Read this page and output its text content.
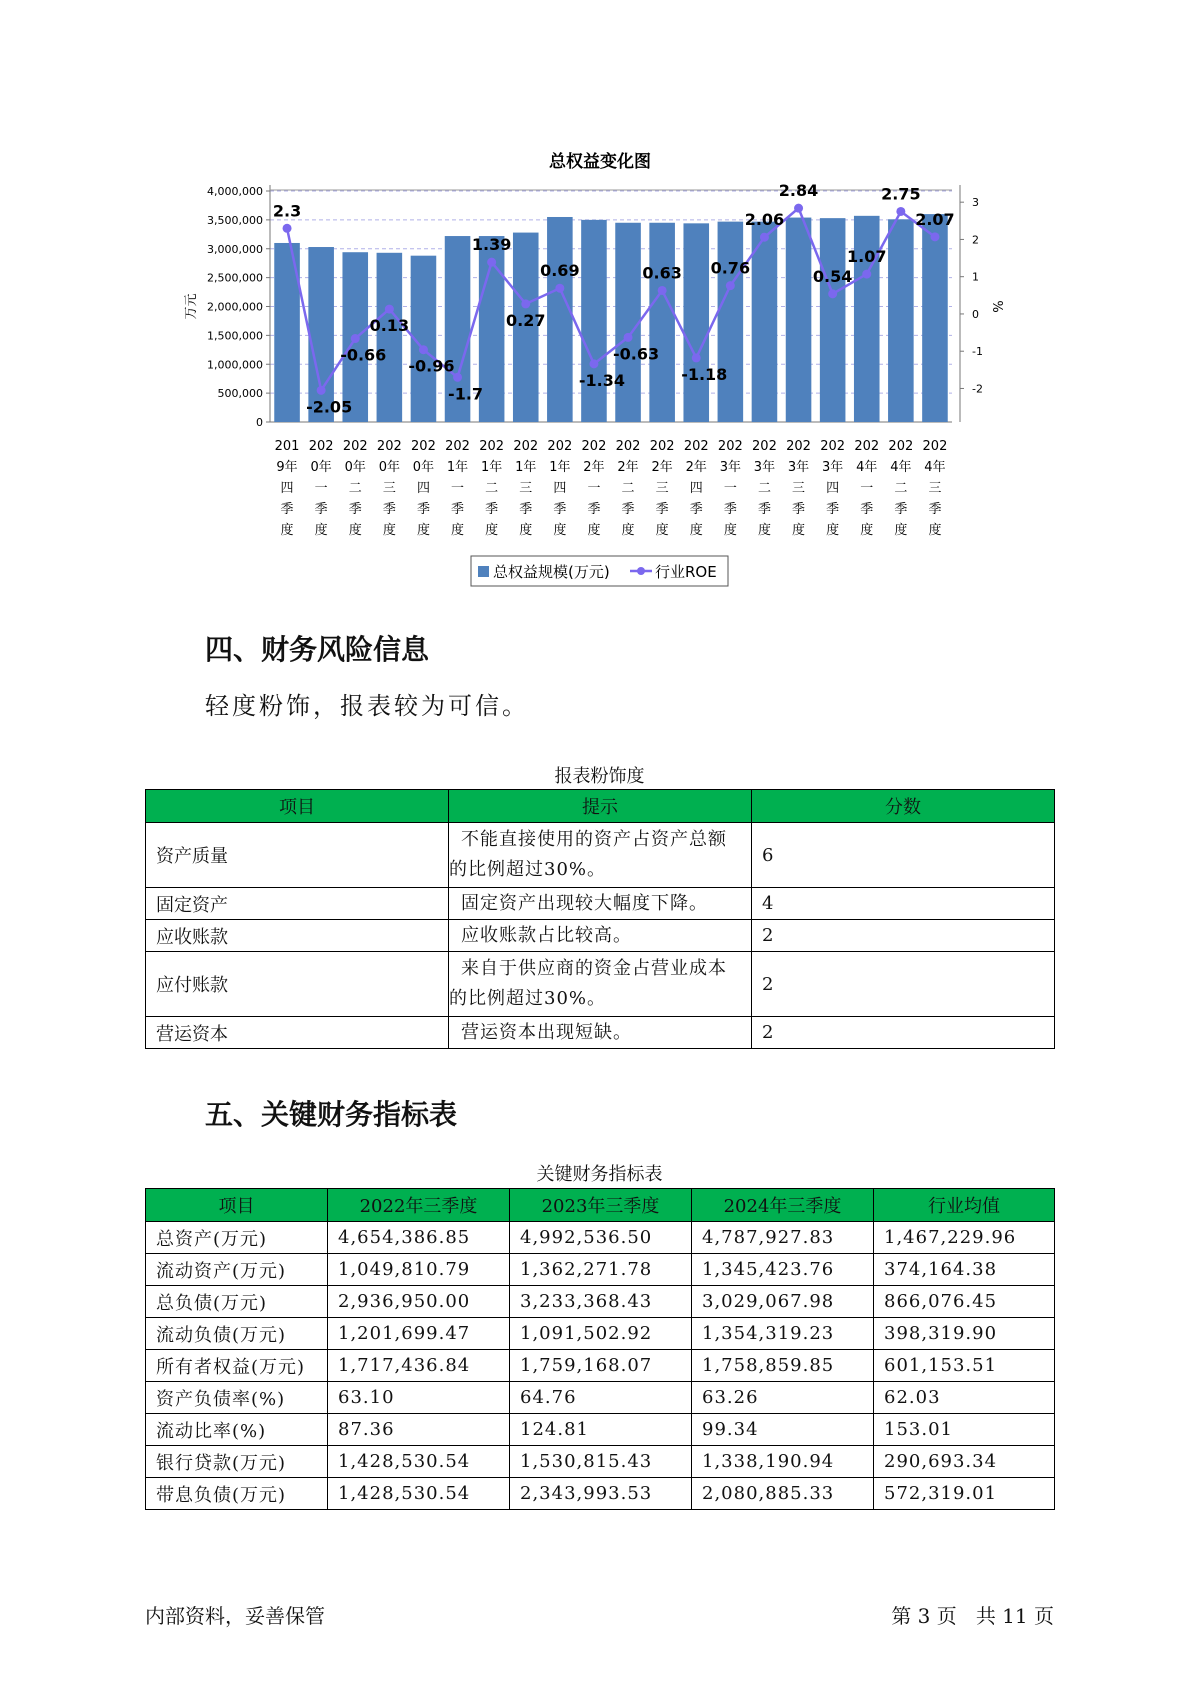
总权益变化图
0
500,000
1,000,000
1,500,000
2,000,000
2,500,000
3,000,000
3,500,000
4,000,000
-2
-1
0
1
2
3
万元	%
201
9年
四
季
度
202
0年
一
季
度
202
0年
二
季
度
202
0年
三
季
度
202
0年
四
季
度
202
1年
一
季
度
202
1年
二
季
度
202
1年
三
季
度
202
1年
四
季
度
202
2年
一
季
度
202
2年
二
季
度
202
2年
三
季
度
202
2年
四
季
度
202
3年
一
季
度
202
3年
二
季
度
202
3年
三
季
度
202
3年
四
季
度
202
4年
一
季
度
202
4年
二
季
度
202
4年
三
季
度
2.3
-2.05
-0.66
0.13
-0.96
-1.7
1.39
0.27
0.69
-1.34
-0.63
0.63
-1.18
0.76
2.06
2.84
0.54
1.07
2.75
2.07
总权益规模(万元)	行业ROE
四、财务风险信息

轻度粉饰，报表较为可信。

报表粉饰度
项目	提示	分数
资产质量	不能直接使用的资产占资产总额
的比例超过30%。	6
固定资产	固定资产出现较大幅度下降。	4
应收账款	应收账款占比较高。	2
应付账款	来自于供应商的资金占营业成本
的比例超过30%。	2
营运资本	营运资本出现短缺。	2
五、关键财务指标表
关键财务指标表
项目	2022年三季度	2023年三季度	2024年三季度	行业均值
总资产(万元)	4,654,386.85	4,992,536.50	4,787,927.83	1,467,229.96
流动资产(万元)	1,049,810.79	1,362,271.78	1,345,423.76	374,164.38
总负债(万元)	2,936,950.00	3,233,368.43	3,029,067.98	866,076.45
流动负债(万元)	1,201,699.47	1,091,502.92	1,354,319.23	398,319.90
所有者权益(万元)	1,717,436.84	1,759,168.07	1,758,859.85	601,153.51
资产负债率(%)	63.10	64.76	63.26	62.03
流动比率(%)	87.36	124.81	99.34	153.01
银行贷款(万元)	1,428,530.54	1,530,815.43	1,338,190.94	290,693.34
带息负债(万元)	1,428,530.54	2,343,993.53	2,080,885.33	572,319.01
内部资料，妥善保管	第 3 页   共 11 页
